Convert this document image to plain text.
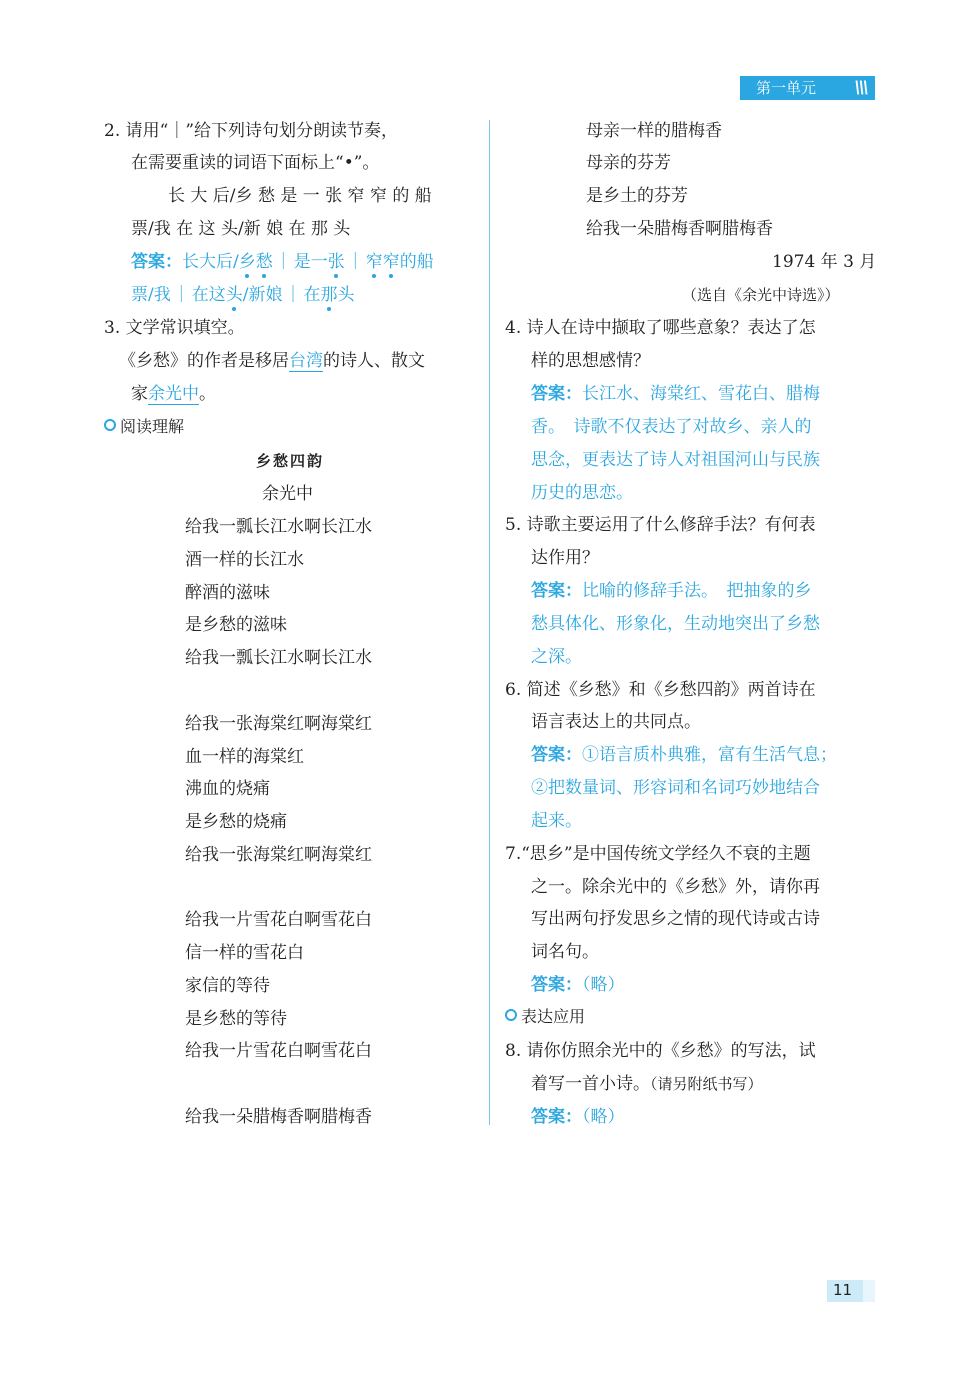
第一单元 \\\
2. 请用“｜”给下列诗句划分朗读节奏，
在需要重读的词语下面标上“•”。
长 大 后/乡 愁 是 一 张 窄 窄 的 船
票/我 在 这 头/新 娘 在 那 头
答案：长大后/乡愁 ｜ 是一张 ｜ 窄窄的船
票/我 ｜ 在这头/新娘 ｜ 在那头
3. 文学常识填空。
《乡愁》的作者是移居台湾的诗人、散文
家余光中。
阅读理解
乡愁四韵
余光中
给我一瓢长江水啊长江水
酒一样的长江水
醉酒的滋味
是乡愁的滋味
给我一瓢长江水啊长江水
给我一张海棠红啊海棠红
血一样的海棠红
沸血的烧痛
是乡愁的烧痛
给我一张海棠红啊海棠红
给我一片雪花白啊雪花白
信一样的雪花白
家信的等待
是乡愁的等待
给我一片雪花白啊雪花白
给我一朵腊梅香啊腊梅香
母亲一样的腊梅香
母亲的芬芳
是乡土的芬芳
给我一朵腊梅香啊腊梅香
1974 年 3 月
（选自《余光中诗选》）
4. 诗人在诗中撷取了哪些意象？表达了怎
样的思想感情？
答案：长江水、海棠红、雪花白、腊梅
香。　诗歌不仅表达了对故乡、亲人的
思念，更表达了诗人对祖国河山与民族
历史的思恋。
5. 诗歌主要运用了什么修辞手法？有何表
达作用？
答案：比喻的修辞手法。　把抽象的乡
愁具体化、形象化，生动地突出了乡愁
之深。
6. 简述《乡愁》和《乡愁四韵》两首诗在
语言表达上的共同点。
答案：①语言质朴典雅，富有生活气息；
②把数量词、形容词和名词巧妙地结合
起来。
7.“思乡”是中国传统文学经久不衰的主题
之一。除余光中的《乡愁》外，请你再
写出两句抒发思乡之情的现代诗或古诗
词名句。
答案：（略）
表达应用
8. 请你仿照余光中的《乡愁》的写法，试
着写一首小诗。（请另附纸书写）
答案：（略）
11
